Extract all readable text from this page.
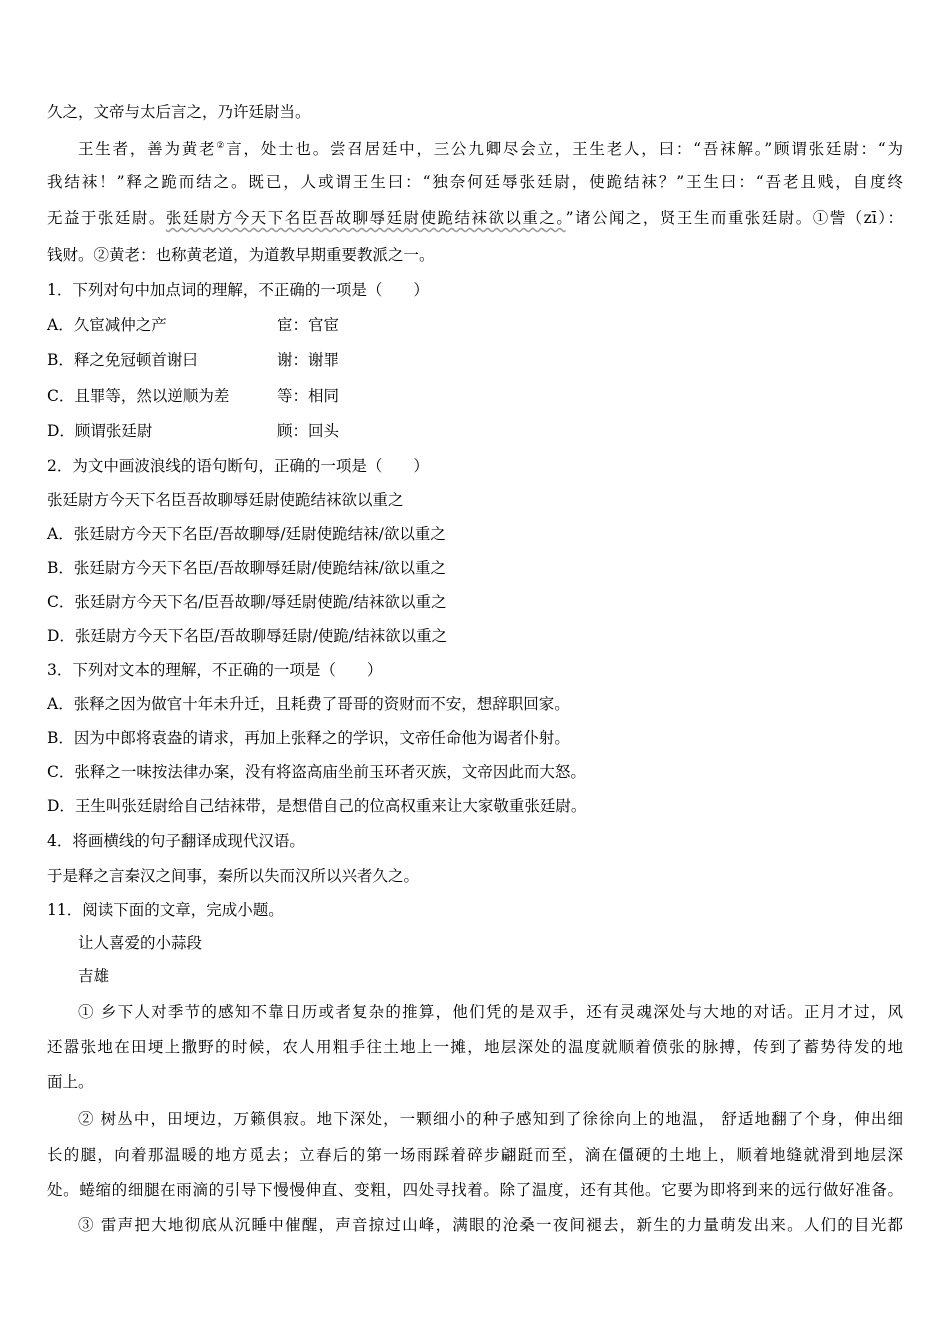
久之，文帝与太后言之，乃许廷尉当。
王生者，善为黄老②言，处士也。尝召居廷中，三公九卿尽会立，王生老人，曰：“吾袜解。”顾谓张廷尉：“为
我结袜！”释之跪而结之。既已，人或谓王生曰：“独奈何廷辱张廷尉，使跪结袜？”王生曰：“吾老且贱，自度终
无益于张廷尉。张廷尉方今天下名臣吾故聊辱廷尉使跪结袜欲以重之。”诸公闻之，贤王生而重张廷尉。①訾（zī）：
钱财。②黄老：也称黄老道，为道教早期重要教派之一。
1．下列对句中加点词的理解，不正确的一项是（　　）
A．久宦减仲之产	宦：官宦
B．释之免冠顿首谢曰	谢：谢罪
C．且罪等，然以逆顺为差	等：相同
D．顾谓张廷尉	顾：回头
2．为文中画波浪线的语句断句，正确的一项是（　　）
张廷尉方今天下名臣吾故聊辱廷尉使跪结袜欲以重之
A．张廷尉方今天下名臣/吾故聊辱/廷尉使跪结袜/欲以重之
B．张廷尉方今天下名臣/吾故聊辱廷尉/使跪结袜/欲以重之
C．张廷尉方今天下名/臣吾故聊/辱廷尉使跪/结袜欲以重之
D．张廷尉方今天下名臣/吾故聊辱廷尉/使跪/结袜欲以重之
3．下列对文本的理解，不正确的一项是（　　）
A．张释之因为做官十年未升迁，且耗费了哥哥的资财而不安，想辞职回家。
B．因为中郎将袁盎的请求，再加上张释之的学识，文帝任命他为谒者仆射。
C．张释之一味按法律办案，没有将盗高庙坐前玉环者灭族，文帝因此而大怒。
D．王生叫张廷尉给自己结袜带，是想借自己的位高权重来让大家敬重张廷尉。
4．将画横线的句子翻译成现代汉语。
于是释之言秦汉之间事，秦所以失而汉所以兴者久之。
11．阅读下面的文章，完成小题。
让人喜爱的小蒜段
吉雄
① 乡下人对季节的感知不靠日历或者复杂的推算，他们凭的是双手，还有灵魂深处与大地的对话。正月才过，风
还嚣张地在田埂上撒野的时候，农人用粗手往土地上一摊，地层深处的温度就顺着偾张的脉搏，传到了蓄势待发的地
面上。
② 树丛中，田埂边，万籁俱寂。地下深处，一颗细小的种子感知到了徐徐向上的地温， 舒适地翻了个身，伸出细
长的腿，向着那温暖的地方觅去；立春后的第一场雨踩着碎步翩跹而至，滴在僵硬的土地上，顺着地缝就滑到地层深
处。蜷缩的细腿在雨滴的引导下慢慢伸直、变粗，四处寻找着。除了温度，还有其他。它要为即将到来的远行做好准备。
③ 雷声把大地彻底从沉睡中催醒，声音掠过山峰，满眼的沧桑一夜间褪去，新生的力量萌发出来。人们的目光都
